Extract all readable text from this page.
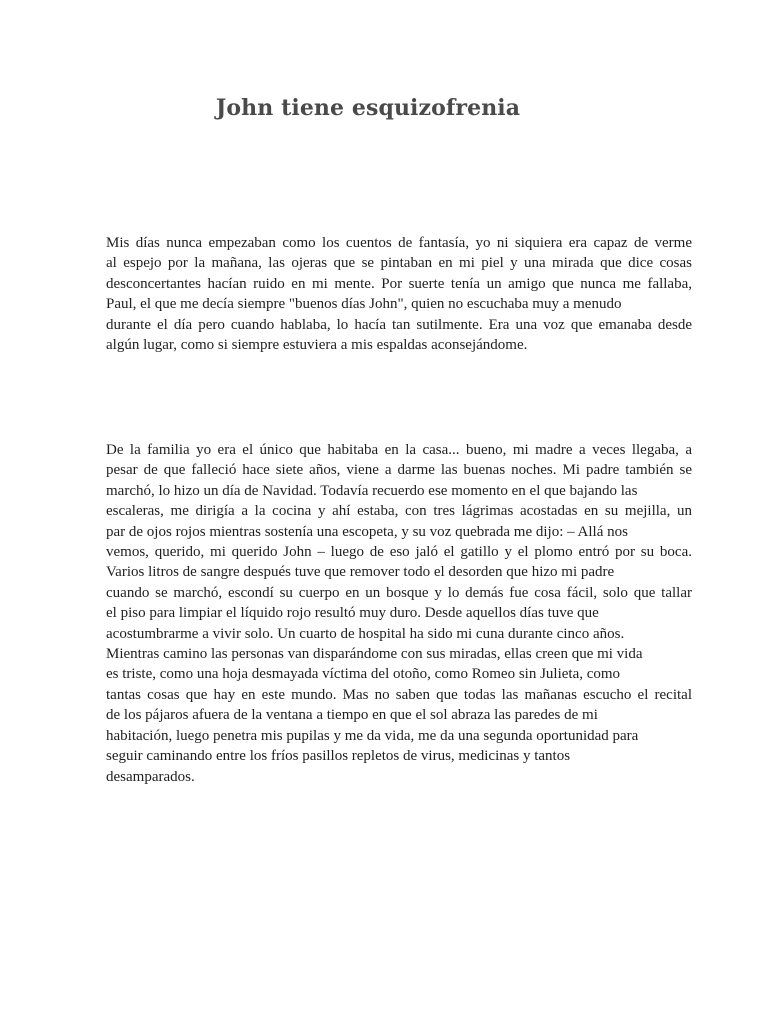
John tiene esquizofrenia
Mis días nunca empezaban como los cuentos de fantasía, yo ni siquiera era capaz de verme
al espejo por la mañana, las ojeras que se pintaban en mi piel y una mirada que dice cosas
desconcertantes hacían ruido en mi mente. Por suerte tenía un amigo que nunca me fallaba,
Paul, el que me decía siempre "buenos días John", quien no escuchaba muy a menudo
durante el día pero cuando hablaba, lo hacía tan sutilmente. Era una voz que emanaba desde
algún lugar, como si siempre estuviera a mis espaldas aconsejándome.
De la familia yo era el único que habitaba en la casa... bueno, mi madre a veces llegaba, a
pesar de que falleció hace siete años, viene a darme las buenas noches. Mi padre también se
marchó, lo hizo un día de Navidad. Todavía recuerdo ese momento en el que bajando las
escaleras, me dirigía a la cocina y ahí estaba, con tres lágrimas acostadas en su mejilla, un
par de ojos rojos mientras sostenía una escopeta, y su voz quebrada me dijo: – Allá nos
vemos, querido, mi querido John – luego de eso jaló el gatillo y el plomo entró por su boca.
Varios litros de sangre después tuve que remover todo el desorden que hizo mi padre
cuando se marchó, escondí su cuerpo en un bosque y lo demás fue cosa fácil, solo que tallar
el piso para limpiar el líquido rojo resultó muy duro. Desde aquellos días tuve que
acostumbrarme a vivir solo. Un cuarto de hospital ha sido mi cuna durante cinco años.
Mientras camino las personas van disparándome con sus miradas, ellas creen que mi vida
es triste, como una hoja desmayada víctima del otoño, como Romeo sin Julieta, como
tantas cosas que hay en este mundo. Mas no saben que todas las mañanas escucho el recital
de los pájaros afuera de la ventana a tiempo en que el sol abraza las paredes de mi
habitación, luego penetra mis pupilas y me da vida, me da una segunda oportunidad para
seguir caminando entre los fríos pasillos repletos de virus, medicinas y tantos
desamparados.
